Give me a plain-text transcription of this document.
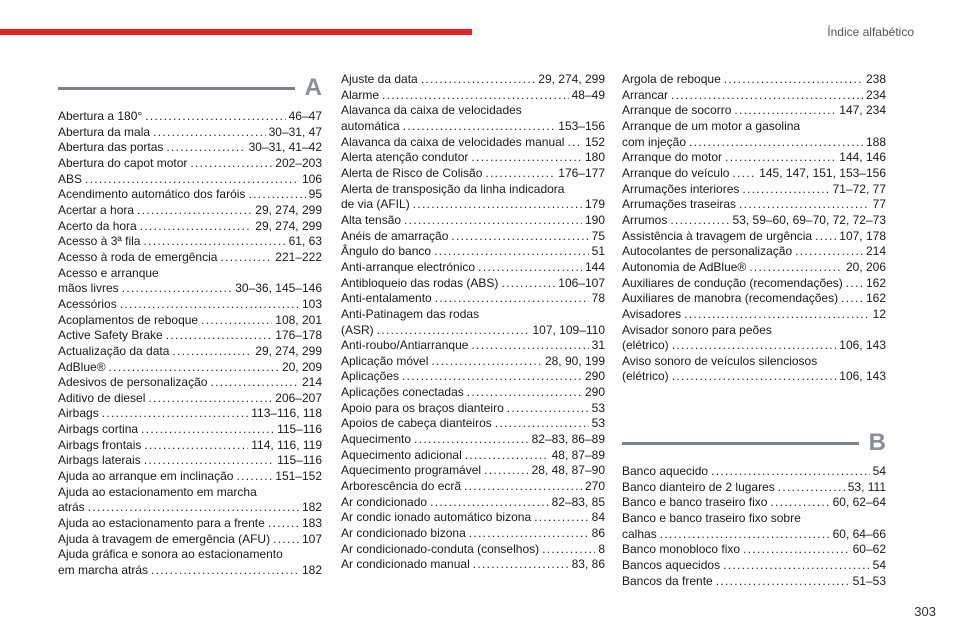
Índice alfabético
A
Abertura a 180° .....	46–47
Abertura da mala .....	30–31, 47
Abertura das portas .....	30–31, 41–42
Abertura do capot motor .....	202–203
ABS .....	106
Acendimento automático dos faróis .....	95
Acertar a hora .....	29, 274, 299
Acerto da hora .....	29, 274, 299
Acesso à 3ª fila .....	61, 63
Acesso à roda de emergência .....	221–222
Acesso e arranque
mãos livres .....	30–36, 145–146
Acessórios .....	103
Acoplamentos de reboque .....	108, 201
Active Safety Brake .....	176–178
Actualização da data .....	29, 274, 299
AdBlue® .....	20, 209
Adesivos de personalização .....	214
Aditivo de diesel .....	206–207
Airbags .....	113–116, 118
Airbags cortina .....	115–116
Airbags frontais .....	114, 116, 119
Airbags laterais .....	115–116
Ajuda ao arranque em inclinação .....	151–152
Ajuda ao estacionamento em marcha
atrás .....	182
Ajuda ao estacionamento para a frente .....	183
Ajuda à travagem de emergência (AFU) .....	107
Ajuda gráfica e sonora ao estacionamento
em marcha atrás .....	182
Ajuste da data .....	29, 274, 299
Alarme .....	48–49
Alavanca da caixa de velocidades
automática .....	153–156
Alavanca da caixa de velocidades manual ..... 152
Alerta atenção condutor .....	180
Alerta de Risco de Colisão .....	176–177
Alerta de transposição da linha indicadora
de via (AFIL) .....	179
Alta tensão .....	190
Anéis de amarração .....	75
Ângulo do banco .....	51
Anti-arranque electrónico .....	144
Antibloqueio das rodas (ABS) .....	106–107
Anti-entalamento .....	78
Anti-Patinagem das rodas
(ASR) .....	107, 109–110
Anti-roubo/Antiarranque .....	31
Aplicação móvel .....	28, 90, 199
Aplicações .....	290
Aplicações conectadas .....	290
Apoio para os braços dianteiro .....	53
Apoios de cabeça dianteiros .....	53
Aquecimento .....	82–83, 86–89
Aquecimento adicional .....	48, 87–89
Aquecimento programável .....	28, 48, 87–90
Arborescência do ecrã .....	270
Ar condicionado .....	82–83, 85
Ar condic ionado automático bizona .....	84
Ar condicionado bizona .....	86
Ar condicionado-conduta (conselhos) .....	8
Ar condicionado manual .....	83, 86
Argola de reboque .....	238
Arrancar .....	234
Arranque de socorro .....	147, 234
Arranque de um motor a gasolina
com injeção .....	188
Arranque do motor .....	144, 146
Arranque do veículo ..... 145, 147, 151, 153–156
Arrumações interiores .....	71–72, 77
Arrumações traseiras .....	77
Arrumos .....	53, 59–60, 69–70, 72, 72–73
Assistência à travagem de urgência ..... 107, 178
Autocolantes de personalização .....	214
Autonomia de AdBlue® .....	20, 206
Auxiliares de condução (recomendações) ..... 162
Auxiliares de manobra (recomendações) ..... 162
Avisadores .....	12
Avisador sonoro para peões
(elétrico) .....	106, 143
Aviso sonoro de veículos silenciosos
(elétrico) .....	106, 143
B
Banco aquecido .....	54
Banco dianteiro de 2 lugares .....	53, 111
Banco e banco traseiro fixo .....	60, 62–64
Banco e banco traseiro fixo sobre
calhas .....	60, 64–66
Banco monobloco fixo .....	60–62
Bancos aquecidos .....	54
Bancos da frente .....	51–53
303
